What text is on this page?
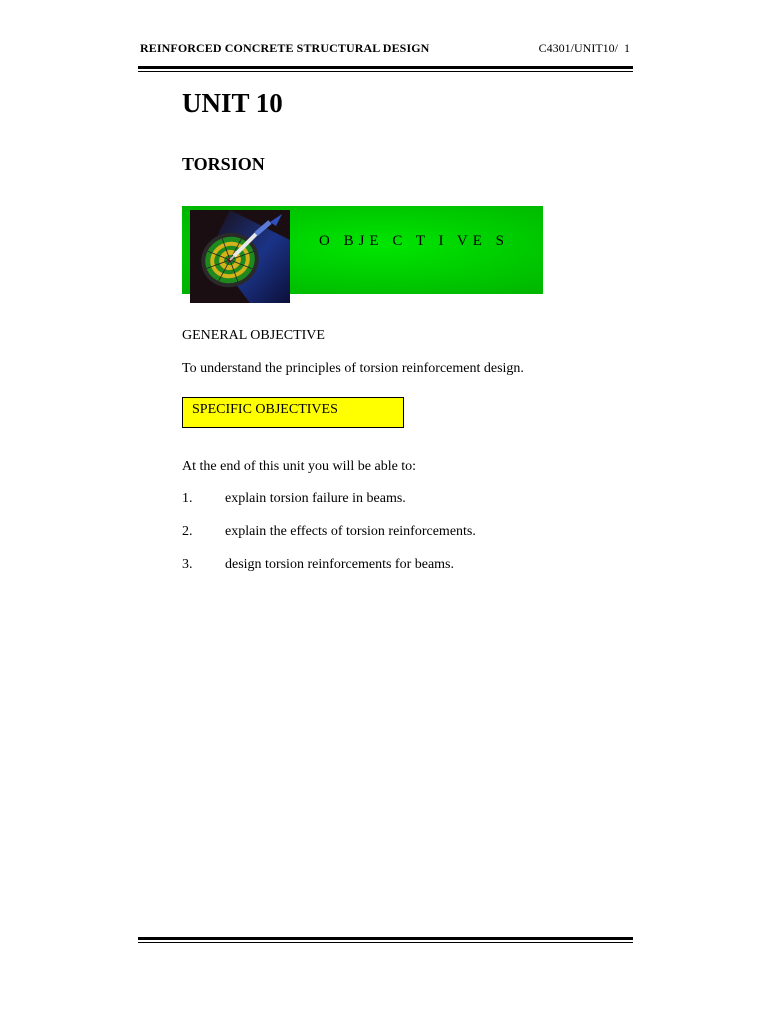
REINFORCED CONCRETE STRUCTURAL DESIGN	C4301/UNIT10/ 1
UNIT 10
TORSION
O BJE C T I VE S
GENERAL OBJECTIVE
To understand the principles of torsion reinforcement design.
SPECIFIC OBJECTIVES
At the end of this unit you will be able to:
1. explain torsion failure in beams.
2. explain the effects of torsion reinforcements.
3. design torsion reinforcements for beams.
